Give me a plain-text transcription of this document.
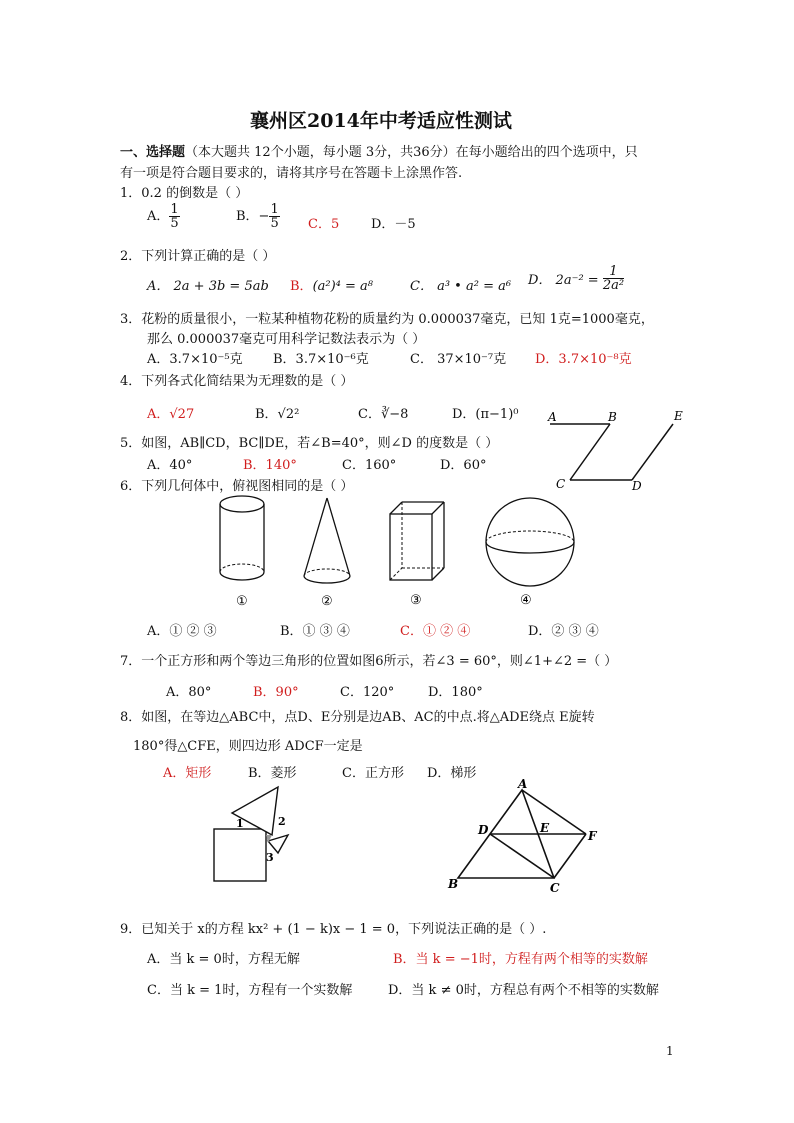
襄州区2014年中考适应性测试
一、选择题（本大题共 12个小题，每小题 3分，共36分）在每小题给出的四个选项中，只
有一项是符合题目要求的，请将其序号在答题卡上涂黑作答.
1．0.2 的倒数是（ ）
A． $\frac{1}{5}$	B．− $\frac{1}{5}$ C．5 D．－5
2．下列计算正确的是（ ）
A． 2a + 3b = 5ab B．(a²)⁴ = a⁸	C． a³ • a² = a⁶ D． $2a^{-2} = \frac{1}{\text{2a²}}$
3．花粉的质量很小，一粒某种植物花粉的质量约为 0.000037毫克，已知 1克=1000毫克，
那么 0.000037毫克可用科学记数法表示为（ ）
A．3.7×10⁻⁵克 B．3.7×10⁻⁶克	C． 37×10⁻⁷克 D．3.7×10⁻⁸克
4．下列各式化简结果为无理数的是（ ）
A．√27	B．√2²	C．∛−8	D．(π−1)⁰
5．如图，AB∥CD，BC∥DE，若∠B=40°，则∠D 的度数是（ ）
A．40°	B．140°	C．160°	D．60°
A	B	E
C	D
6．下列几何体中，俯视图相同的是（ ）
①	②	③	④
A．① ② ③	B．① ③ ④	C．① ② ④	D．② ③ ④
7．一个正方形和两个等边三角形的位置如图6所示，若∠3 = 60°，则∠1+∠2 =（ ）
A．80°	B．90°	C．120°	D．180°
8．如图，在等边△ABC中，点D、E分别是边AB、AC的中点.将△ADE绕点 E旋转
180°得△CFE，则四边形 ADCF一定是
A．矩形	B．菱形	C．正方形 D．梯形
1	2
3
A
D	E
F
B	C
9．已知关于 x的方程 kx² + (1 − k)x − 1 = 0，下列说法正确的是（ ）.
A．当 k = 0时，方程无解	B．当 k = −1时，方程有两个相等的实数解
C．当 k = 1时，方程有一个实数解	D．当 k ≠ 0时，方程总有两个不相等的实数解
1
